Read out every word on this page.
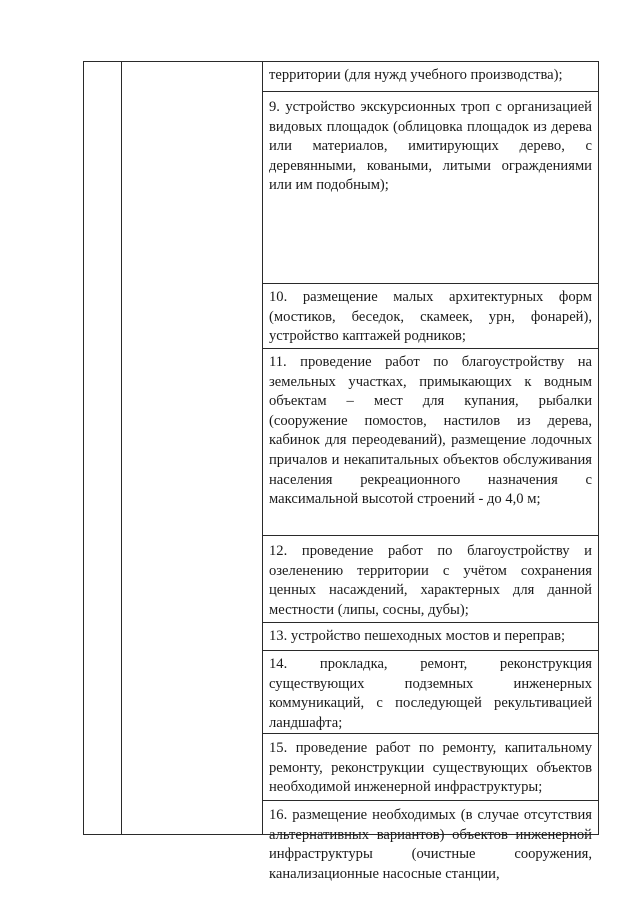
территории (для нужд учебного производства);

9. устройство экскурсионных троп с организацией видовых площадок (облицовка площадок из дерева или материалов, имитирующих дерево, с деревянными, коваными, литыми ограждениями или им подобным);

10. размещение малых архитектурных форм (мостиков, беседок, скамеек, урн, фонарей), устройство каптажей родников;

11. проведение работ по благоустройству на земельных участках, примыкающих к водным объектам – мест для купания, рыбалки (сооружение помостов, настилов из дерева, кабинок для переодеваний), размещение лодочных причалов и некапитальных объектов обслуживания населения рекреационного назначения с максимальной высотой строений - до 4,0 м;

12. проведение работ по благоустройству и озеленению территории с учётом сохранения ценных насаждений, характерных для данной местности (липы, сосны, дубы);

13. устройство пешеходных мостов и переправ;

14. прокладка, ремонт, реконструкция существующих подземных инженерных коммуникаций, с последующей рекультивацией ландшафта;

15. проведение работ по ремонту, капитальному ремонту, реконструкции существующих объектов необходимой инженерной инфраструктуры;

16. размещение необходимых (в случае отсутствия альтернативных вариантов) объектов инженерной инфраструктуры (очистные сооружения, канализационные насосные станции,
